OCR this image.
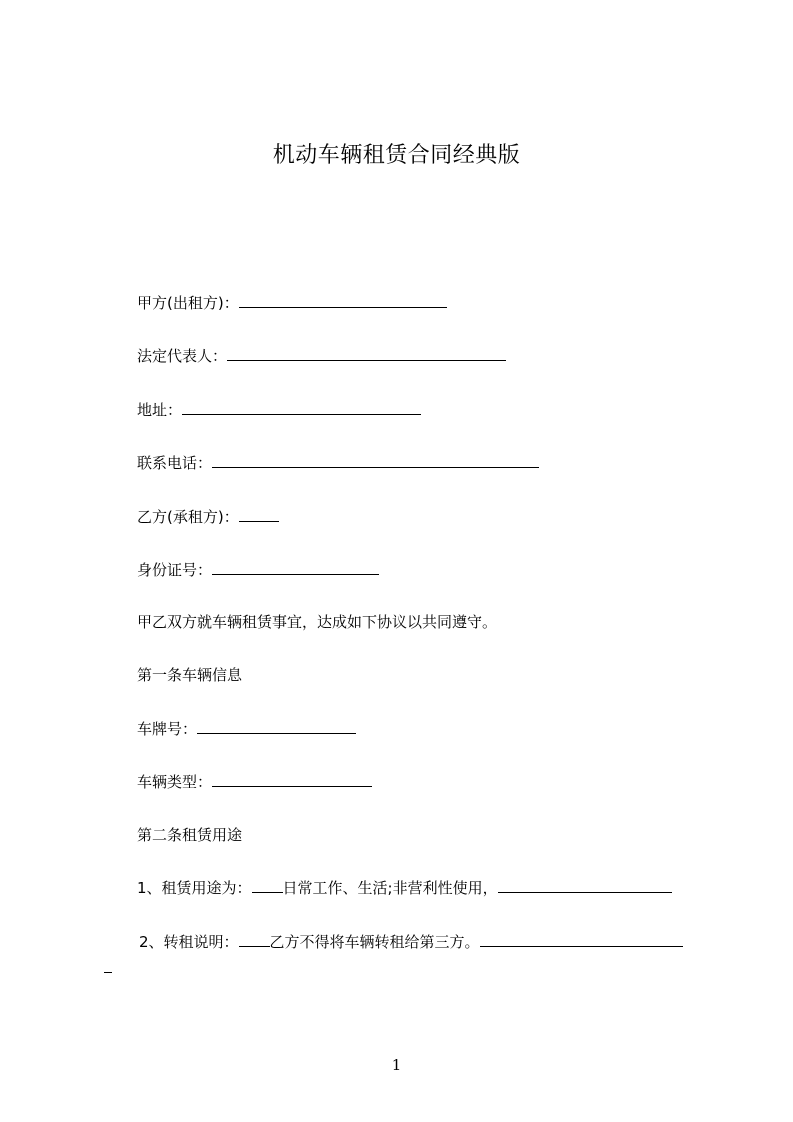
机动车辆租赁合同经典版
甲方(出租方)：
法定代表人：
地址：
联系电话：
乙方(承租方)：
身份证号：
甲乙双方就车辆租赁事宜，达成如下协议以共同遵守。
第一条车辆信息
车牌号：
车辆类型：
第二条租赁用途
1、租赁用途为： 日常工作、生活;非营利性使用，
2、转租说明： 乙方不得将车辆转租给第三方。
1
